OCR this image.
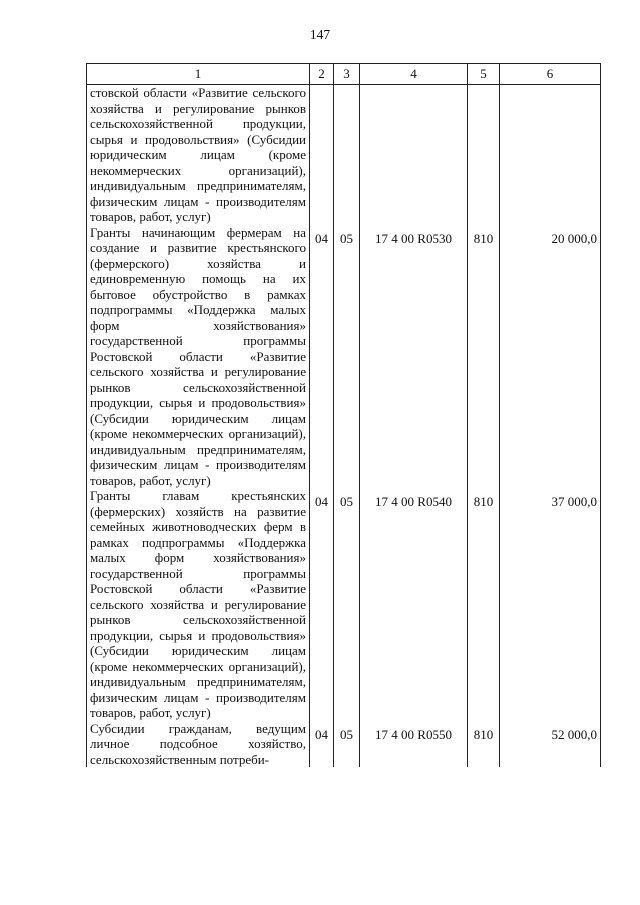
147
1	2	3	4	5	6
стовской области «Развитие сельского хозяйства и регулирование рынков сельскохозяйственной продукции, сырья и продовольствия» (Субсидии юридическим лицам (кроме некоммерческих организаций), индивидуальным предпринимателям, физическим лицам - производителям товаров, работ, услуг)					
Гранты начинающим фермерам на создание и развитие крестьянского (фермерского) хозяйства и единовременную помощь на их бытовое обустройство в рамках подпрограммы «Поддержка малых форм хозяйствования» государственной программы Ростовской области «Развитие сельского хозяйства и регулирование рынков сельскохозяйственной продукции, сырья и продовольствия» (Субсидии юридическим лицам (кроме некоммерческих организаций), индивидуальным предпринимателям, физическим лицам - производителям товаров, работ, услуг)	04	05	17 4 00 R0530	810	20 000,0
Гранты главам крестьянских (фермерских) хозяйств на развитие семейных животноводческих ферм в рамках подпрограммы «Поддержка малых форм хозяйствования» государственной программы Ростовской области «Развитие сельского хозяйства и регулирование рынков сельскохозяйственной продукции, сырья и продовольствия» (Субсидии юридическим лицам (кроме некоммерческих организаций), индивидуальным предпринимателям, физическим лицам - производителям товаров, работ, услуг)	04	05	17 4 00 R0540	810	37 000,0
Субсидии гражданам, ведущим личное подсобное хозяйство, сельскохозяйственным потреби-	04	05	17 4 00 R0550	810	52 000,0
